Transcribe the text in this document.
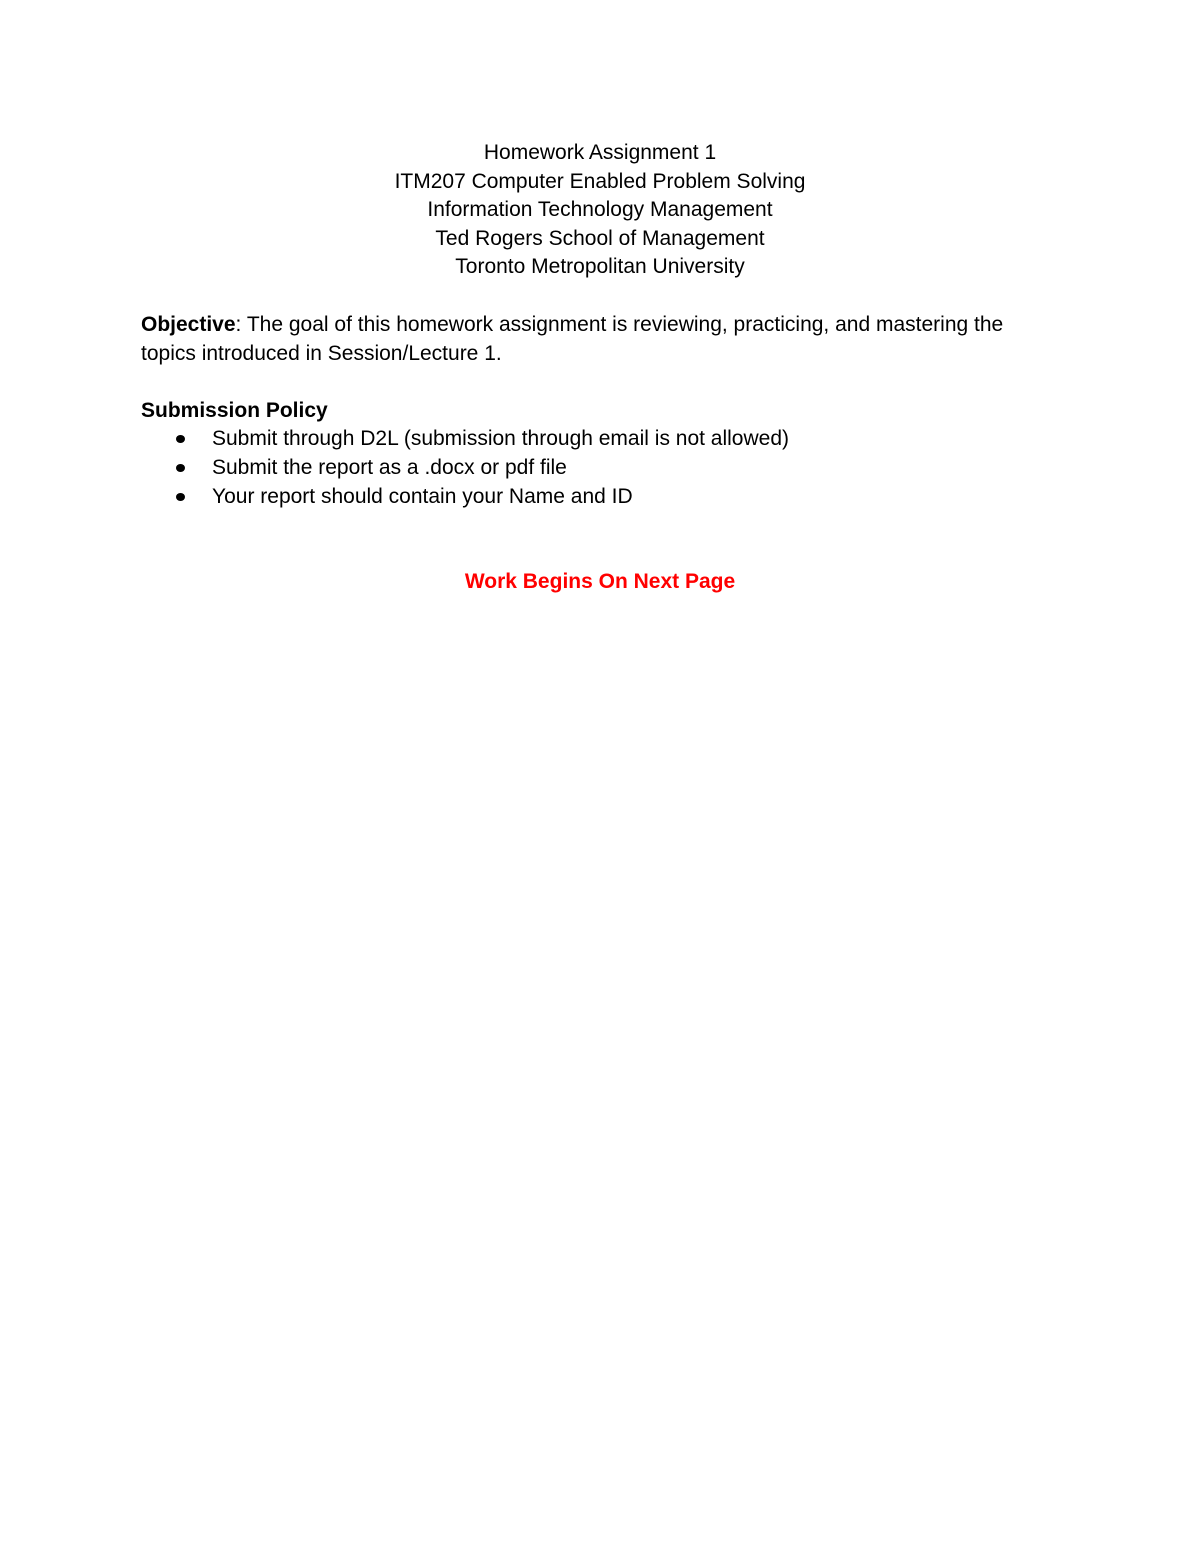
Homework Assignment 1
ITM207 Computer Enabled Problem Solving
Information Technology Management
Ted Rogers School of Management
Toronto Metropolitan University
Objective: The goal of this homework assignment is reviewing, practicing, and mastering the topics introduced in Session/Lecture 1.
Submission Policy
Submit through D2L (submission through email is not allowed)
Submit the report as a .docx or pdf file
Your report should contain your Name and ID
Work Begins On Next Page
